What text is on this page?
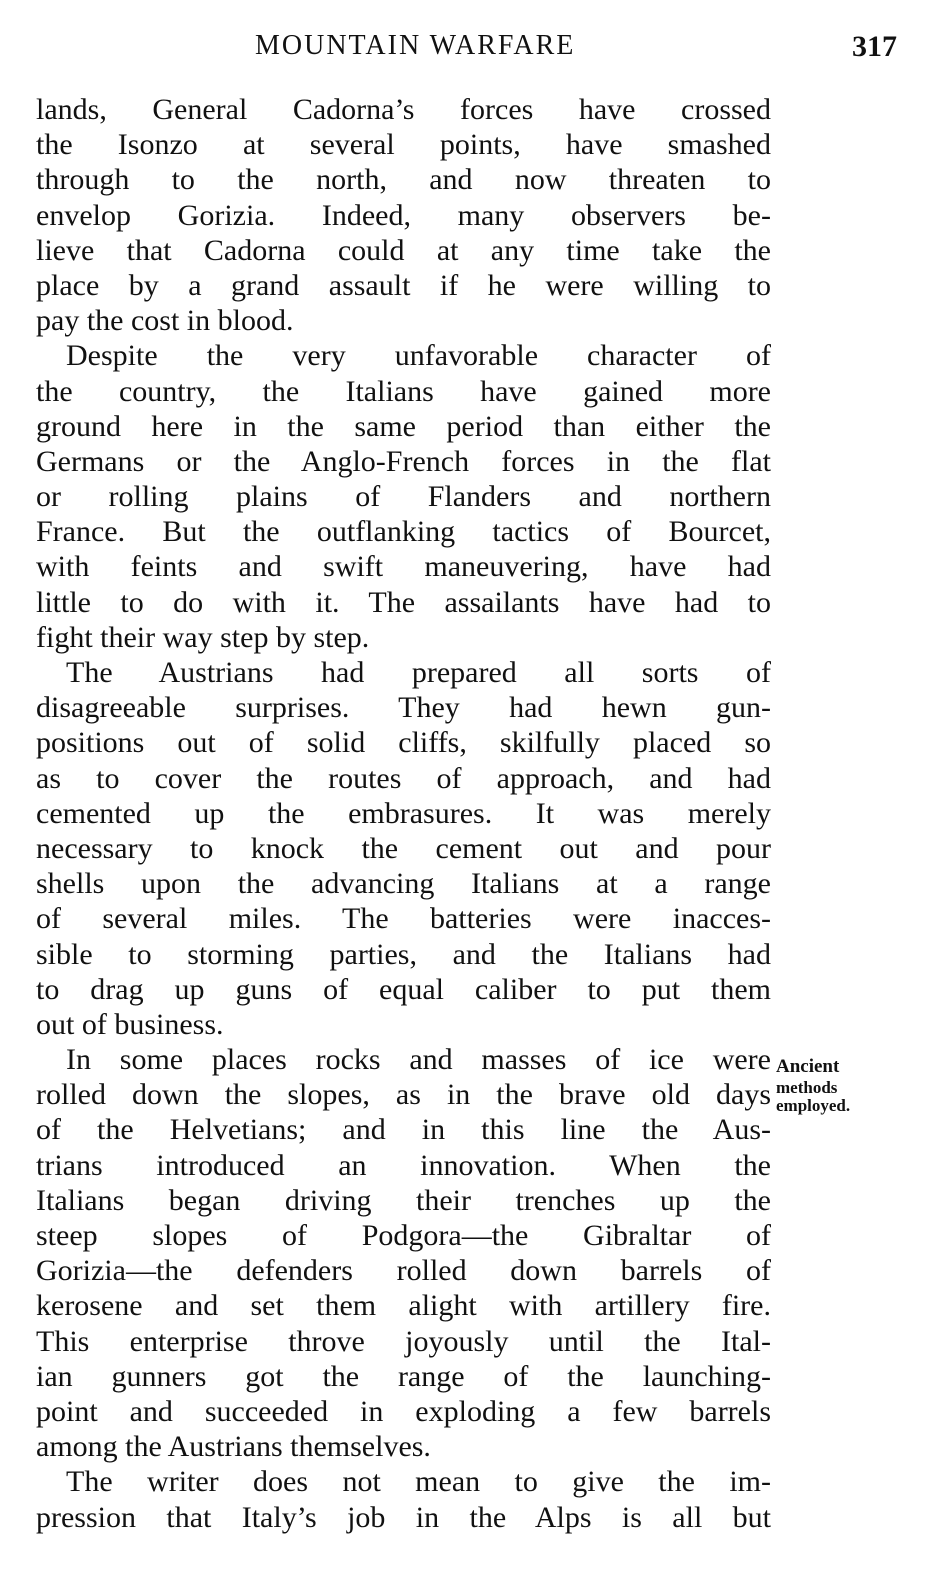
MOUNTAIN WARFARE	317
lands, General Cadorna’s forces have crossed
the Isonzo at several points, have smashed
through to the north, and now threaten to
envelop Gorizia. Indeed, many observers be-
lieve that Cadorna could at any time take the
place by a grand assault if he were willing to
pay the cost in blood.
Despite the very unfavorable character of
the country, the Italians have gained more
ground here in the same period than either the
Germans or the Anglo-French forces in the flat
or rolling plains of Flanders and northern
France. But the outflanking tactics of Bourcet,
with feints and swift maneuvering, have had
little to do with it. The assailants have had to
fight their way step by step.
The Austrians had prepared all sorts of
disagreeable surprises. They had hewn gun-
positions out of solid cliffs, skilfully placed so
as to cover the routes of approach, and had
cemented up the embrasures. It was merely
necessary to knock the cement out and pour
shells upon the advancing Italians at a range
of several miles. The batteries were inacces-
sible to storming parties, and the Italians had
to drag up guns of equal caliber to put them
out of business.
In some places rocks and masses of ice were
rolled down the slopes, as in the brave old days
of the Helvetians; and in this line the Aus-
trians introduced an innovation. When the
Italians began driving their trenches up the
steep slopes of Podgora—the Gibraltar of
Gorizia—the defenders rolled down barrels of
kerosene and set them alight with artillery fire.
This enterprise throve joyously until the Ital-
ian gunners got the range of the launching-
point and succeeded in exploding a few barrels
among the Austrians themselves.
The writer does not mean to give the im-
pression that Italy’s job in the Alps is all but
Ancient
methods
employed.
